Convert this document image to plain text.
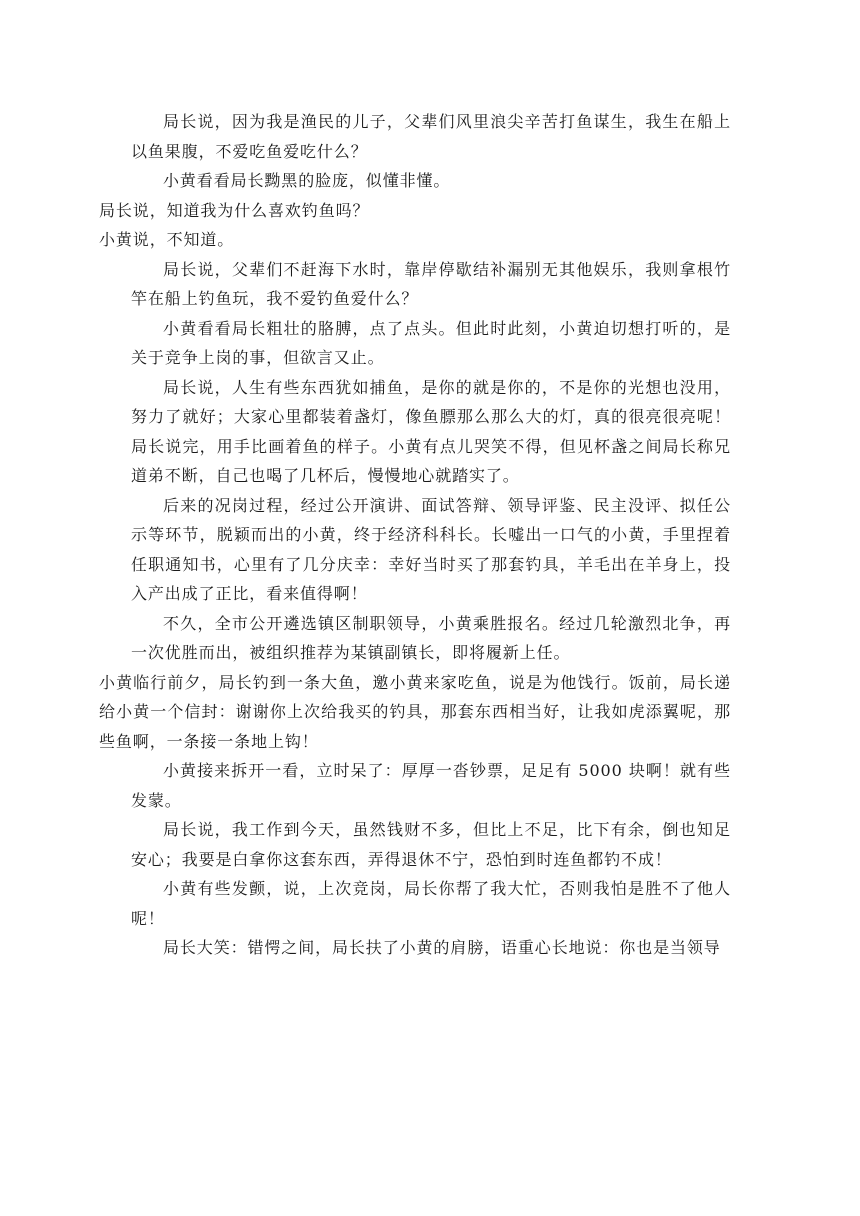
局长说，因为我是渔民的儿子，父辈们风里浪尖辛苦打鱼谋生，我生在船上以鱼果腹，不爱吃鱼爱吃什么？

小黄看看局长黝黑的脸庞，似懂非懂。

局长说，知道我为什么喜欢钓鱼吗？

小黄说，不知道。

局长说，父辈们不赶海下水时，靠岸停歇结补漏别无其他娱乐，我则拿根竹竿在船上钓鱼玩，我不爱钓鱼爱什么？

小黄看看局长粗壮的胳膊，点了点头。但此时此刻，小黄迫切想打听的，是关于竞争上岗的事，但欲言又止。

局长说，人生有些东西犹如捕鱼，是你的就是你的，不是你的光想也没用，努力了就好；大家心里都装着盏灯，像鱼膘那么那么大的灯，真的很亮很亮呢！局长说完，用手比画着鱼的样子。小黄有点儿哭笑不得，但见杯盏之间局长称兄道弟不断，自己也喝了几杯后，慢慢地心就踏实了。

后来的况岗过程，经过公开演讲、面试答辩、领导评鉴、民主没评、拟任公示等环节，脱颖而出的小黄，终于经济科科长。长嘘出一口气的小黄，手里捏着任职通知书，心里有了几分庆幸：幸好当时买了那套钓具，羊毛出在羊身上，投入产出成了正比，看来值得啊！

不久，全市公开遴选镇区制职领导，小黄乘胜报名。经过几轮激烈北争，再一次优胜而出，被组织推荐为某镇副镇长，即将履新上任。

小黄临行前夕，局长钓到一条大鱼，邀小黄来家吃鱼，说是为他饯行。饭前，局长递给小黄一个信封：谢谢你上次给我买的钓具，那套东西相当好，让我如虎添翼呢，那些鱼啊，一条接一条地上钩！

小黄接来拆开一看，立时呆了：厚厚一沓钞票，足足有 5000 块啊！就有些发蒙。

局长说，我工作到今天，虽然钱财不多，但比上不足，比下有余，倒也知足安心；我要是白拿你这套东西，弄得退休不宁，恐怕到时连鱼都钓不成！

小黄有些发颤，说，上次竞岗，局长你帮了我大忙，否则我怕是胜不了他人呢！

局长大笑：错愕之间，局长扶了小黄的肩膀，语重心长地说：你也是当领导
